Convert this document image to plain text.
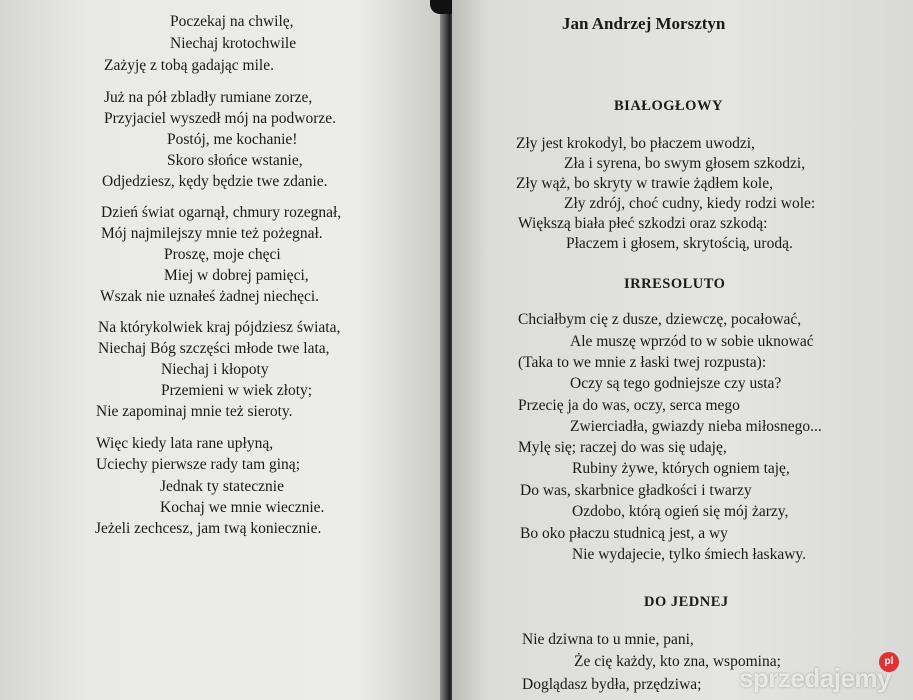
Poczekaj na chwilę,
Niechaj krotochwile
Zażyję z tobą gadając mile.
Już na pół zbladły rumiane zorze,
Przyjaciel wyszedł mój na podworze.
Postój, me kochanie!
Skoro słońce wstanie,
Odjedziesz, kędy będzie twe zdanie.
Dzień świat ogarnął, chmury rozegnał,
Mój najmilejszy mnie też pożegnał.
Proszę, moje chęci
Miej w dobrej pamięci,
Wszak nie uznałeś żadnej niechęci.
Na którykolwiek kraj pójdziesz świata,
Niechaj Bóg szczęści młode twe lata,
Niechaj i kłopoty
Przemieni w wiek złoty;
Nie zapominaj mnie też sieroty.
Więc kiedy lata rane upłyną,
Uciechy pierwsze rady tam giną;
Jednak ty statecznie
Kochaj we mnie wiecznie.
Jeżeli zechcesz, jam twą koniecznie.
Jan Andrzej Morsztyn
BIAŁOGŁOWY
Zły jest krokodyl, bo płaczem uwodzi,
Zła i syrena, bo swym głosem szkodzi,
Zły wąż, bo skryty w trawie żądłem kole,
Zły zdrój, choć cudny, kiedy rodzi wole:
Większą biała płeć szkodzi oraz szkodą:
Płaczem i głosem, skrytością, urodą.
IRRESOLUTO
Chciałbym cię z dusze, dziewczę, pocałować,
Ale muszę wprzód to w sobie uknować
(Taka to we mnie z łaski twej rozpusta):
Oczy są tego godniejsze czy usta?
Przecię ja do was, oczy, serca mego
Zwierciadła, gwiazdy nieba miłosnego...
Mylę się; raczej do was się udaję,
Rubiny żywe, których ogniem taję,
Do was, skarbnice gładkości i twarzy
Ozdobo, którą ogień się mój żarzy,
Bo oko płaczu studnicą jest, a wy
Nie wydajecie, tylko śmiech łaskawy.
DO JEDNEJ
Nie dziwna to u mnie, pani,
Że cię każdy, kto zna, wspomina;
Doglądasz bydła, przędziwa;
pl
sprzedajemy
